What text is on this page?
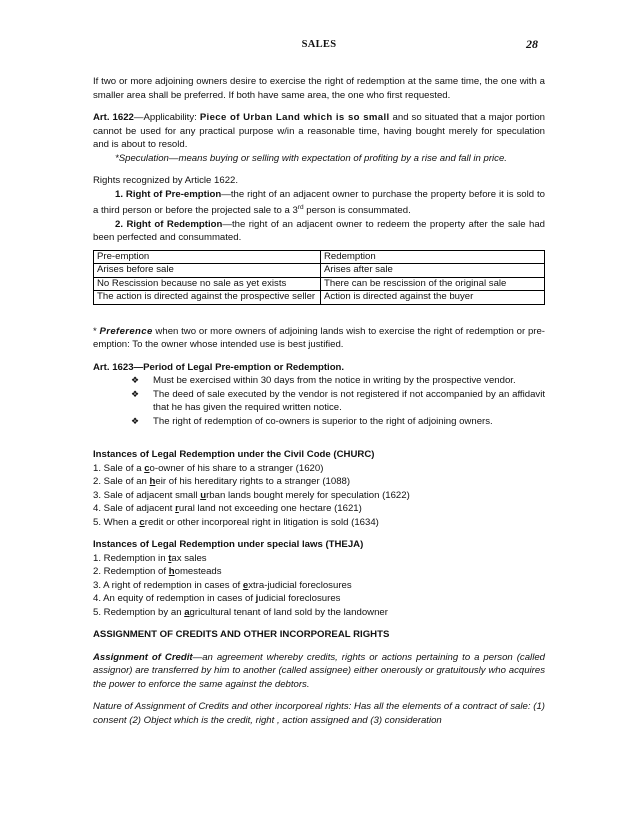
SALES	28

If two or more adjoining owners desire to exercise the right of redemption at the same time, the one with a smaller area shall be preferred. If both have same area, the one who first requested.

Art. 1622—Applicability: Piece of Urban Land which is so small and so situated that a major portion cannot be used for any practical purpose w/in a reasonable time, having bought merely for speculation and is about to resold.

*Speculation—means buying or selling with expectation of profiting by a rise and fall in price.

Rights recognized by Article 1622.

1. Right of Pre-emption—the right of an adjacent owner to purchase the property before it is sold to a third person or before the projected sale to a 3rd person is consummated.

2. Right of Redemption—the right of an adjacent owner to redeem the property after the sale had been perfected and consummated.

Pre-emption	Redemption
Arises before sale	Arises after sale
No Rescission because no sale as yet exists	There can be rescission of the original sale
The action is directed against the prospective seller	Action is directed against the buyer

* Preference when two or more owners of adjoining lands wish to exercise the right of redemption or pre-emption: To the owner whose intended use is best justified.

Art. 1623—Period of Legal Pre-emption or Redemption.

❖ Must be exercised within 30 days from the notice in writing by the prospective vendor.
❖ The deed of sale executed by the vendor is not registered if not accompanied by an affidavit that he has given the required written notice.
❖ The right of redemption of co-owners is superior to the right of adjoining owners.

Instances of Legal Redemption under the Civil Code (CHURC)

1. Sale of a co-owner of his share to a stranger (1620)
2. Sale of an heir of his hereditary rights to a stranger (1088)
3. Sale of adjacent small urban lands bought merely for speculation (1622)
4. Sale of adjacent rural land not exceeding one hectare (1621)
5. When a credit or other incorporeal right in litigation is sold (1634)

Instances of Legal Redemption under special laws (THEJA)

1. Redemption in tax sales
2. Redemption of homesteads
3. A right of redemption in cases of extra-judicial foreclosures
4. An equity of redemption in cases of judicial foreclosures
5. Redemption by an agricultural tenant of land sold by the landowner

ASSIGNMENT OF CREDITS AND OTHER INCORPOREAL RIGHTS

Assignment of Credit—an agreement whereby credits, rights or actions pertaining to a person (called assignor) are transferred by him to another (called assignee) either onerously or gratuitously who acquires the power to enforce the same against the debtors.

Nature of Assignment of Credits and other incorporeal rights: Has all the elements of a contract of sale: (1) consent (2) Object which is the credit, right , action assigned and (3) consideration
